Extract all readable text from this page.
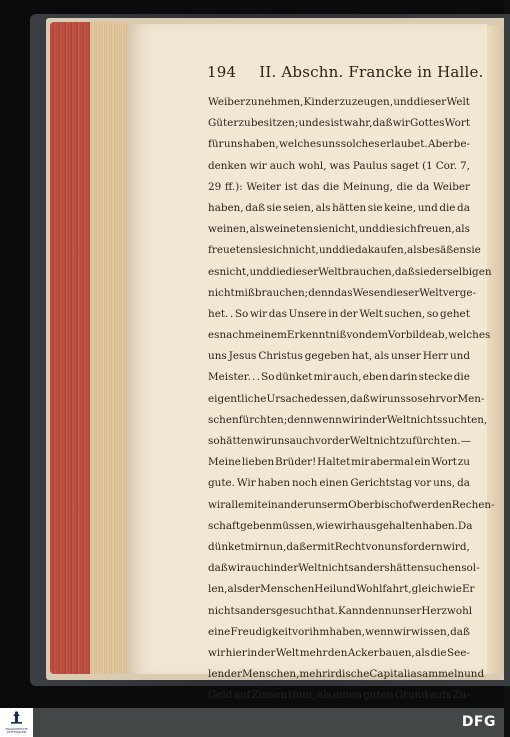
194 II. Abschn. Francke in Halle.
Weiber zu nehmen, Kinder zu zeugen, und dieser Welt
Güter zu besitzen; und es ist wahr, daß wir Gottes Wort
für uns haben, welches uns solches erlaubet. Aber be-
denken wir auch wohl, was Paulus saget (1 Cor. 7,
29 ff.): Weiter ist das die Meinung, die da Weiber
haben, daß sie seien, als hätten sie keine, und die da
weinen, als weineten sie nicht, und die sich freuen, als
freueten sie sich nicht, und die da kaufen, als besäßen sie
es nicht, und die dieser Welt brauchen, daß sie derselbigen
nicht mißbrauchen; denn das Wesen dieser Welt verge-
het. . So wir das Unsere in der Welt suchen, so gehet
es nach meinem Erkenntniß von dem Vorbilde ab, welches
uns Jesus Christus gegeben hat, als unser Herr und
Meister. . . So dünket mir auch, eben darin stecke die
eigentliche Ursache dessen, daß wir uns so sehr vor Men-
schen fürchten; denn wenn wir in der Welt nichts suchten,
so hätten wir uns auch vor der Welt nicht zu fürchten. —
Meine lieben Brüder! Haltet mir abermal ein Wort zu
gute. Wir haben noch einen Gerichtstag vor uns, da
wir alle mit einander unserm Oberbischof werden Rechen-
schaft geben müssen, wie wir hausgehalten haben. Da
dünket mir nun, daß er mit Recht von uns fordern wird,
daß wir auch in der Welt nichts anders hätten suchen sol-
len, als der Menschen Heil und Wohlfahrt, gleichwie Er
nichts anders gesucht hat. Kann denn unser Herz wohl
eine Freudigkeit vor ihm haben, wenn wir wissen, daß
wir hier in der Welt mehr den Acker bauen, als die See-
len der Menschen, mehr irdische Capitalia sammeln und
Geld auf Zinsen thun, als einen guten Grund aufs Zu-
FRANCKESCHE
STIFTUNGEN
DFG
